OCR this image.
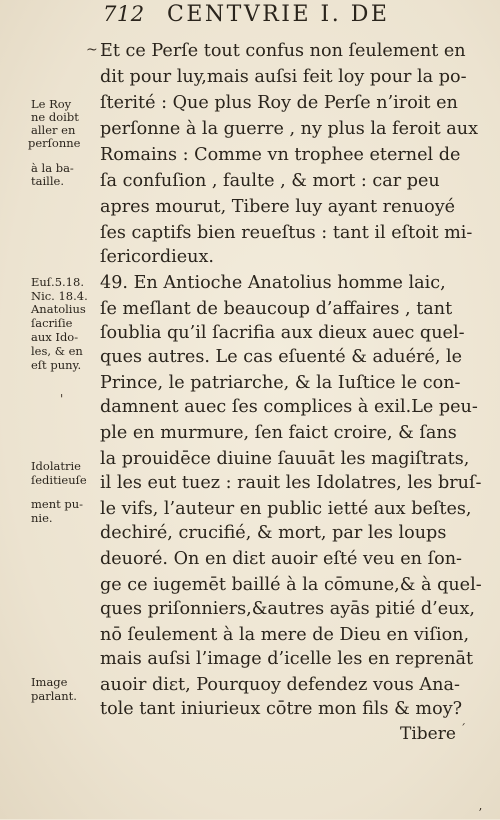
712 CENTVRIE I. DE
~ Et ce Perſe tout confus non ſeulement en
dit pour luy,mais auſsi feit loy pour la po-
ſterité : Que plus Roy de Perſe n’iroit en
perſonne à la guerre , ny plus la feroit aux
Romains : Comme vn trophee eternel de
ſa confuſion , faulte , & mort : car peu
apres mourut, Tibere luy ayant renuoyé
ſes captifs bien reueſtus : tant il eſtoit mi-
ſericordieux.
49. En Antioche Anatolius homme laic,
ſe meſlant de beaucoup d’affaires , tant
ſoublia qu’il ſacrifia aux dieux auec quel-
ques autres. Le cas eſuenté & aduéré, le
Prince, le patriarche, & la Iuſtice le con-
damnent auec ſes complices à exil.Le peu-
ple en murmure, ſen faict croire, & ſans
la prouidēce diuine ſauuāt les magiſtrats,
il les eut tuez : rauit les Idolatres, les bruſ-
le vifs, l’auteur en public ietté aux beſtes,
dechiré, crucifié, & mort, par les loups
deuoré. On en diɛt auoir eſté veu en ſon-
ge ce iugemēt baillé à la cōmune,& à quel-
ques priſonniers,&autres ayās pitié d’eux,
nō ſeulement à la mere de Dieu en viſion,
mais auſsi l’image d’icelle les en reprenāt
auoir diɛt, Pourquoy defendez vous Ana-
tole tant iniurieux cōtre mon fils & moy?
Tibere
Le Roy
ne doibt
aller en
perſonne
à la ba-
taille.
Euſ.5.18.
Nic. 18.4.
Anatolius
ſacriſie
aux Ido-
les, & en
eſt puny.
Idolatrie
ſeditieuſe
ment pu-
nie.
Image
parlant.
'
ˊ
ʼ
